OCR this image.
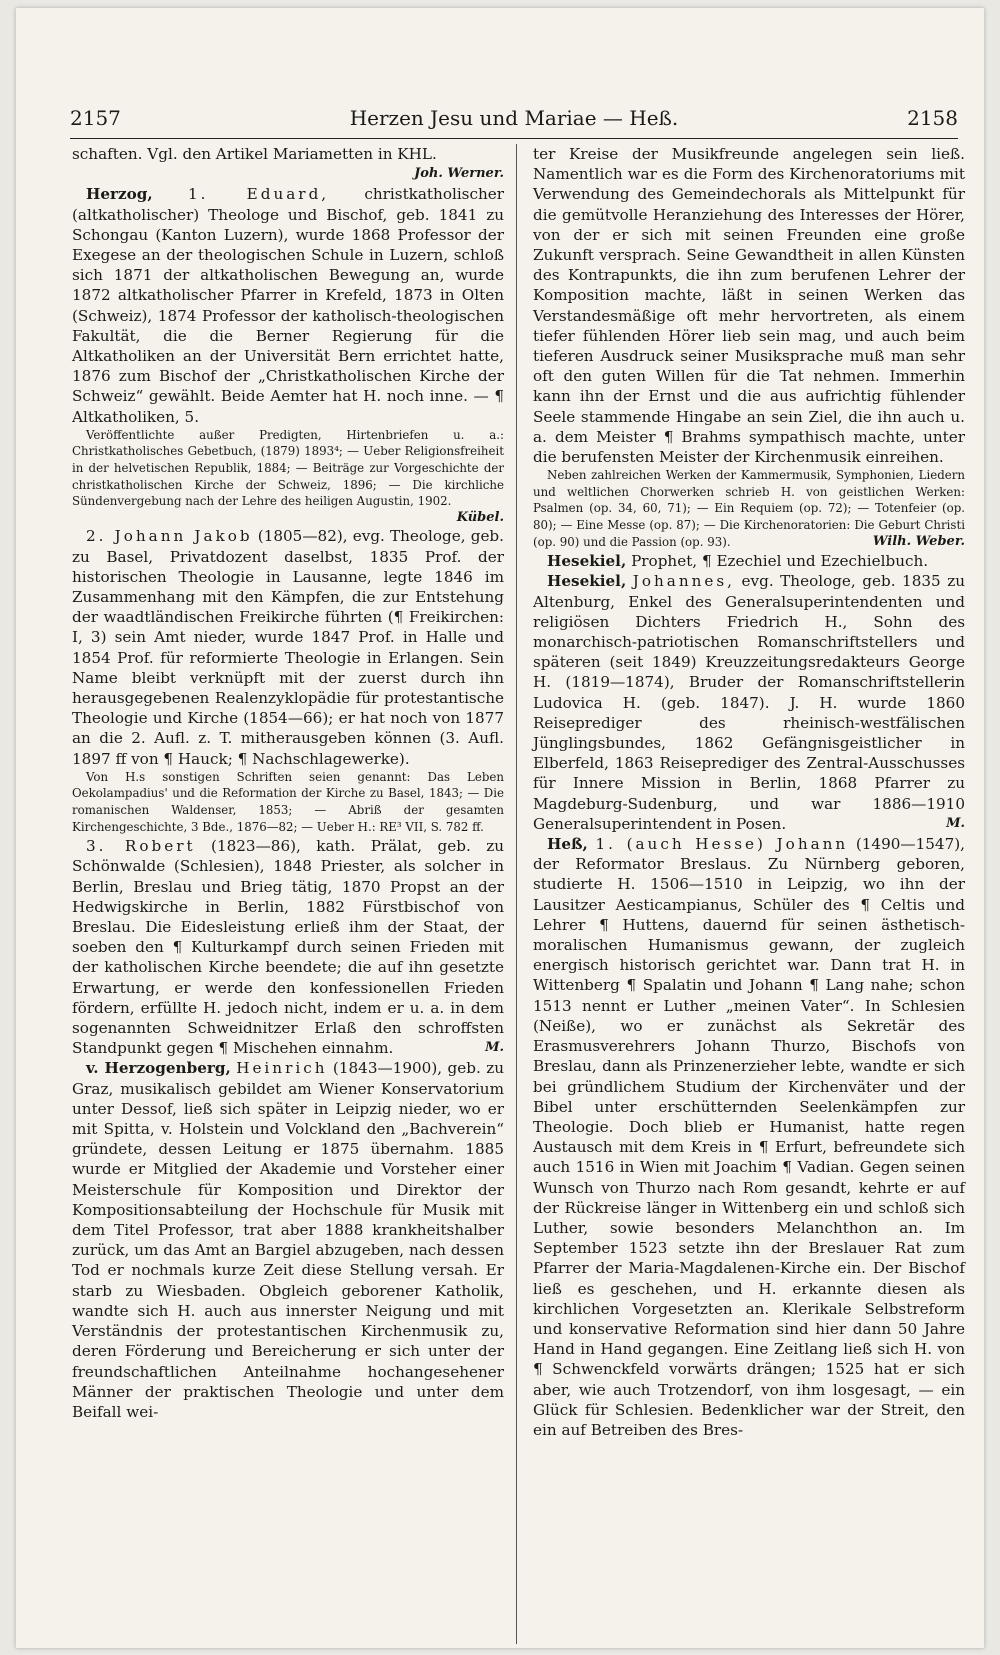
2157	Herzen Jesu und Mariae — Heß.	2158

schaften. Vgl. den Artikel Mariametten in KHL.
Joh. Werner.

Herzog, 1. Eduard, christkatholischer (altkatholischer) Theologe und Bischof, geb. 1841 zu Schongau (Kanton Luzern), wurde 1868 Professor der Exegese an der theologischen Schule in Luzern, schloß sich 1871 der altkatholischen Bewegung an, wurde 1872 altkatholischer Pfarrer in Krefeld, 1873 in Olten (Schweiz), 1874 Professor der katholisch-theologischen Fakultät, die die Berner Regierung für die Altkatholiken an der Universität Bern errichtet hatte, 1876 zum Bischof der „Christkatholischen Kirche der Schweiz“ gewählt. Beide Aemter hat H. noch inne. — ¶ Altkatholiken, 5.

Veröffentlichte außer Predigten, Hirtenbriefen u. a.: Christkatholisches Gebetbuch, (1879) 1893⁴; — Ueber Religionsfreiheit in der helvetischen Republik, 1884; — Beiträge zur Vorgeschichte der christkatholischen Kirche der Schweiz, 1896; — Die kirchliche Sündenvergebung nach der Lehre des heiligen Augustin, 1902.
Kübel.

2. Johann Jakob (1805—82), evg. Theologe, geb. zu Basel, Privatdozent daselbst, 1835 Prof. der historischen Theologie in Lausanne, legte 1846 im Zusammenhang mit den Kämpfen, die zur Entstehung der waadtländischen Freikirche führten (¶ Freikirchen: I, 3) sein Amt nieder, wurde 1847 Prof. in Halle und 1854 Prof. für reformierte Theologie in Erlangen. Sein Name bleibt verknüpft mit der zuerst durch ihn herausgegebenen Realenzyklopädie für protestantische Theologie und Kirche (1854—66); er hat noch von 1877 an die 2. Aufl. z. T. mitherausgeben können (3. Aufl. 1897 ff von ¶ Hauck; ¶ Nachschlagewerke).

Von H.s sonstigen Schriften seien genannt: Das Leben Oekolampadius' und die Reformation der Kirche zu Basel, 1843; — Die romanischen Waldenser, 1853; — Abriß der gesamten Kirchengeschichte, 3 Bde., 1876—82; — Ueber H.: RE³ VII, S. 782 ff.

3. Robert (1823—86), kath. Prälat, geb. zu Schönwalde (Schlesien), 1848 Priester, als solcher in Berlin, Breslau und Brieg tätig, 1870 Propst an der Hedwigskirche in Berlin, 1882 Fürstbischof von Breslau. Die Eidesleistung erließ ihm der Staat, der soeben den ¶ Kulturkampf durch seinen Frieden mit der katholischen Kirche beendete; die auf ihn gesetzte Erwartung, er werde den konfessionellen Frieden fördern, erfüllte H. jedoch nicht, indem er u. a. in dem sogenannten Schweidnitzer Erlaß den schroffsten Standpunkt gegen ¶ Mischehen einnahm.	M.

v. Herzogenberg, Heinrich (1843—1900), geb. zu Graz, musikalisch gebildet am Wiener Konservatorium unter Dessof, ließ sich später in Leipzig nieder, wo er mit Spitta, v. Holstein und Volckland den „Bachverein“ gründete, dessen Leitung er 1875 übernahm. 1885 wurde er Mitglied der Akademie und Vorsteher einer Meisterschule für Komposition und Direktor der Kompositionsabteilung der Hochschule für Musik mit dem Titel Professor, trat aber 1888 krankheitshalber zurück, um das Amt an Bargiel abzugeben, nach dessen Tod er nochmals kurze Zeit diese Stellung versah. Er starb zu Wiesbaden. Obgleich geborener Katholik, wandte sich H. auch aus innerster Neigung und mit Verständnis der protestantischen Kirchenmusik zu, deren Förderung und Bereicherung er sich unter der freundschaftlichen Anteilnahme hochangesehener Männer der praktischen Theologie und unter dem Beifall wei-

ter Kreise der Musikfreunde angelegen sein ließ. Namentlich war es die Form des Kirchenoratoriums mit Verwendung des Gemeindechorals als Mittelpunkt für die gemütvolle Heranziehung des Interesses der Hörer, von der er sich mit seinen Freunden eine große Zukunft versprach. Seine Gewandtheit in allen Künsten des Kontrapunkts, die ihn zum berufenen Lehrer der Komposition machte, läßt in seinen Werken das Verstandesmäßige oft mehr hervortreten, als einem tiefer fühlenden Hörer lieb sein mag, und auch beim tieferen Ausdruck seiner Musiksprache muß man sehr oft den guten Willen für die Tat nehmen. Immerhin kann ihn der Ernst und die aus aufrichtig fühlender Seele stammende Hingabe an sein Ziel, die ihn auch u. a. dem Meister ¶ Brahms sympathisch machte, unter die berufensten Meister der Kirchenmusik einreihen.

Neben zahlreichen Werken der Kammermusik, Symphonien, Liedern und weltlichen Chorwerken schrieb H. von geistlichen Werken: Psalmen (op. 34, 60, 71); — Ein Requiem (op. 72); — Totenfeier (op. 80); — Eine Messe (op. 87); — Die Kirchenoratorien: Die Geburt Christi (op. 90) und die Passion (op. 93).	Wilh. Weber.

Hesekiel, Prophet, ¶ Ezechiel und Ezechielbuch.

Hesekiel, Johannes, evg. Theologe, geb. 1835 zu Altenburg, Enkel des Generalsuperintendenten und religiösen Dichters Friedrich H., Sohn des monarchisch-patriotischen Romanschriftstellers und späteren (seit 1849) Kreuzzeitungsredakteurs George H. (1819—1874), Bruder der Romanschriftstellerin Ludovica H. (geb. 1847). J. H. wurde 1860 Reiseprediger des rheinisch-westfälischen Jünglingsbundes, 1862 Gefängnisgeistlicher in Elberfeld, 1863 Reiseprediger des Zentral-Ausschusses für Innere Mission in Berlin, 1868 Pfarrer zu Magdeburg-Sudenburg, und war 1886—1910 Generalsuperintendent in Posen.	M.

Heß, 1. (auch Hesse) Johann (1490—1547), der Reformator Breslaus. Zu Nürnberg geboren, studierte H. 1506—1510 in Leipzig, wo ihn der Lausitzer Aesticampianus, Schüler des ¶ Celtis und Lehrer ¶ Huttens, dauernd für seinen ästhetisch-moralischen Humanismus gewann, der zugleich energisch historisch gerichtet war. Dann trat H. in Wittenberg ¶ Spalatin und Johann ¶ Lang nahe; schon 1513 nennt er Luther „meinen Vater“. In Schlesien (Neiße), wo er zunächst als Sekretär des Erasmusverehrers Johann Thurzo, Bischofs von Breslau, dann als Prinzenerzieher lebte, wandte er sich bei gründlichem Studium der Kirchenväter und der Bibel unter erschütternden Seelenkämpfen zur Theologie. Doch blieb er Humanist, hatte regen Austausch mit dem Kreis in ¶ Erfurt, befreundete sich auch 1516 in Wien mit Joachim ¶ Vadian. Gegen seinen Wunsch von Thurzo nach Rom gesandt, kehrte er auf der Rückreise länger in Wittenberg ein und schloß sich Luther, sowie besonders Melanchthon an. Im September 1523 setzte ihn der Breslauer Rat zum Pfarrer der Maria-Magdalenen-Kirche ein. Der Bischof ließ es geschehen, und H. erkannte diesen als kirchlichen Vorgesetzten an. Klerikale Selbstreform und konservative Reformation sind hier dann 50 Jahre Hand in Hand gegangen. Eine Zeitlang ließ sich H. von ¶ Schwenckfeld vorwärts drängen; 1525 hat er sich aber, wie auch Trotzendorf, von ihm losgesagt, — ein Glück für Schlesien. Bedenklicher war der Streit, den ein auf Betreiben des Bres-
